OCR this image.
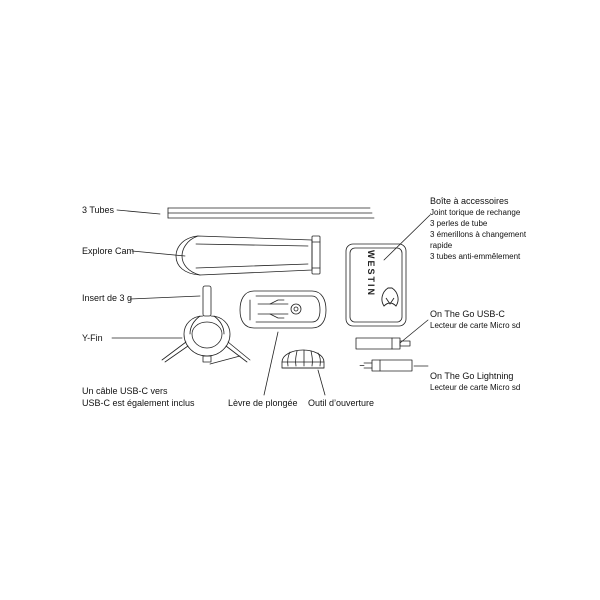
WESTIN
3 Tubes
Explore Cam
Insert de 3 g
Y-Fin
Un câble USB-C vers
USB-C est également inclus	Lèvre de plongée Outil d’ouverture
Boîte à accessoires
Joint torique de rechange
3 perles de tube
3 émerillons à changement
rapide
3 tubes anti-emmêlement
On The Go USB-C
Lecteur de carte Micro sd
On The Go Lightning
Lecteur de carte Micro sd
